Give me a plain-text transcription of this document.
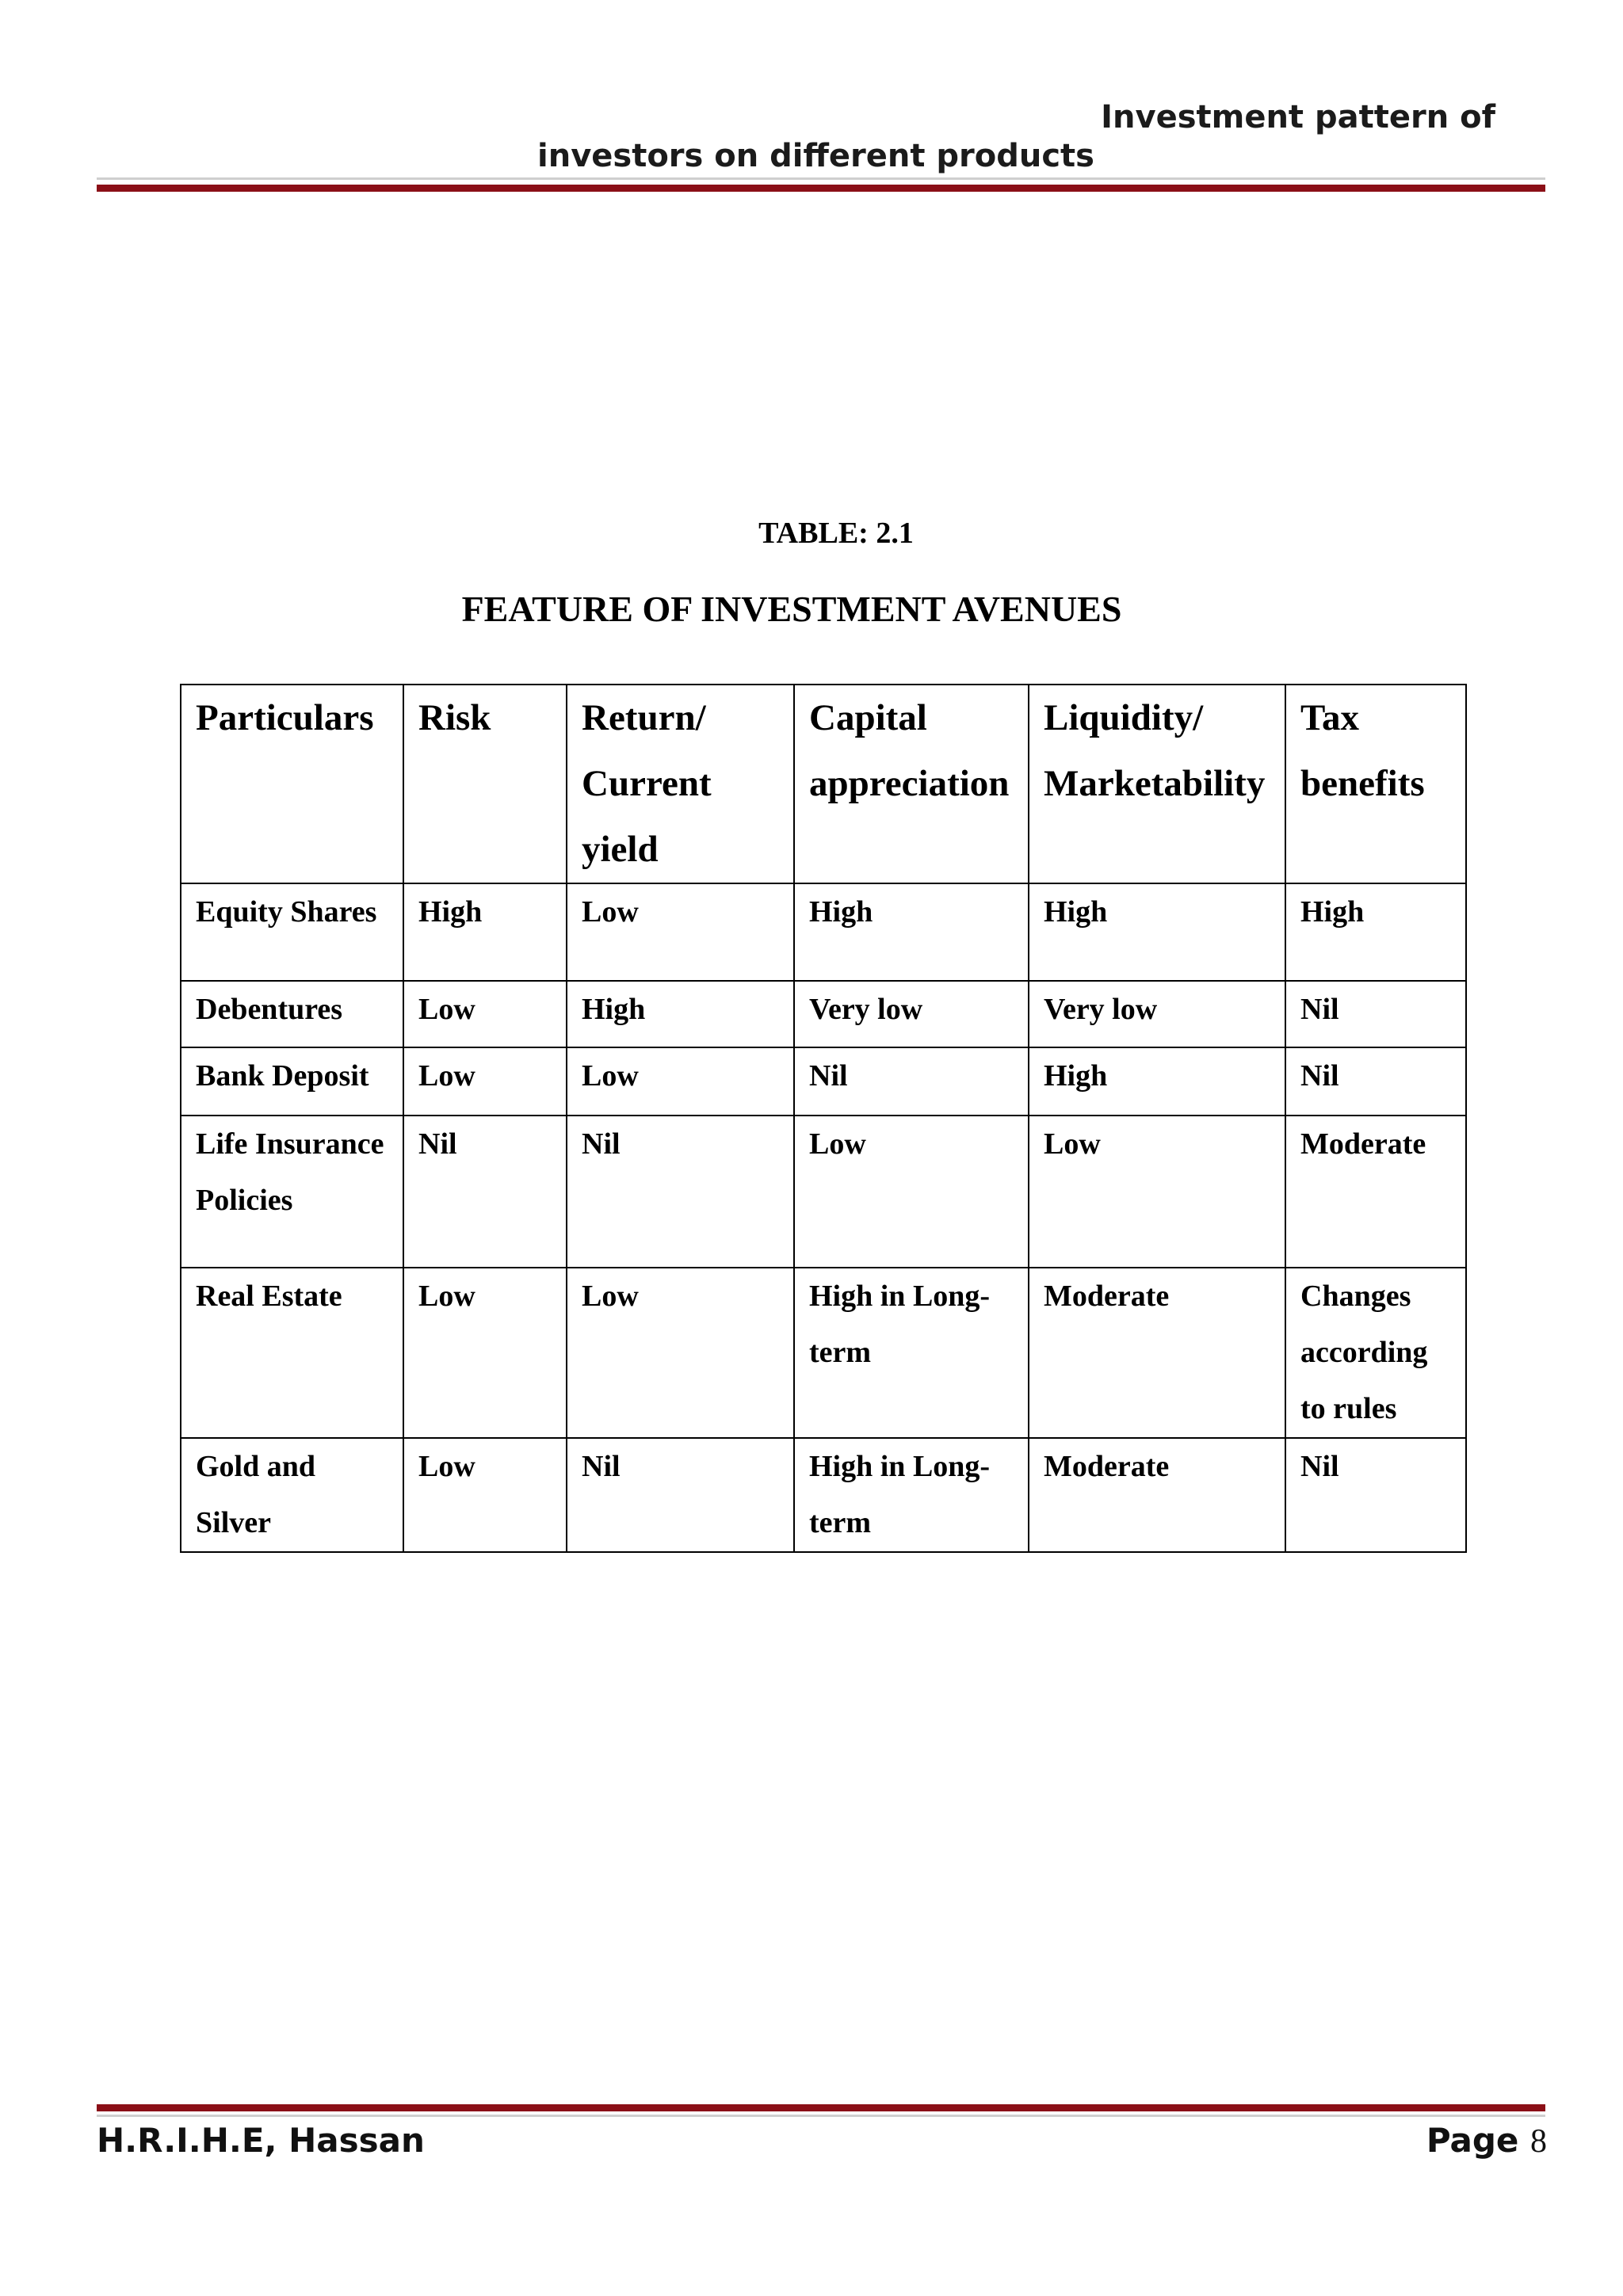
Investment pattern of
investors on different products
TABLE: 2.1
FEATURE OF INVESTMENT AVENUES
Particulars	Risk	Return/ Current yield	Capital appreciation	Liquidity/ Marketability	Tax benefits
Equity Shares	High	Low	High	High	High
Debentures	Low	High	Very low	Very low	Nil
Bank Deposit	Low	Low	Nil	High	Nil
Life Insurance Policies	Nil	Nil	Low	Low	Moderate
Real Estate	Low	Low	High in Long-term	Moderate	Changes according to rules
Gold and Silver	Low	Nil	High in Long-term	Moderate	Nil
H.R.I.H.E, Hassan	Page 8
